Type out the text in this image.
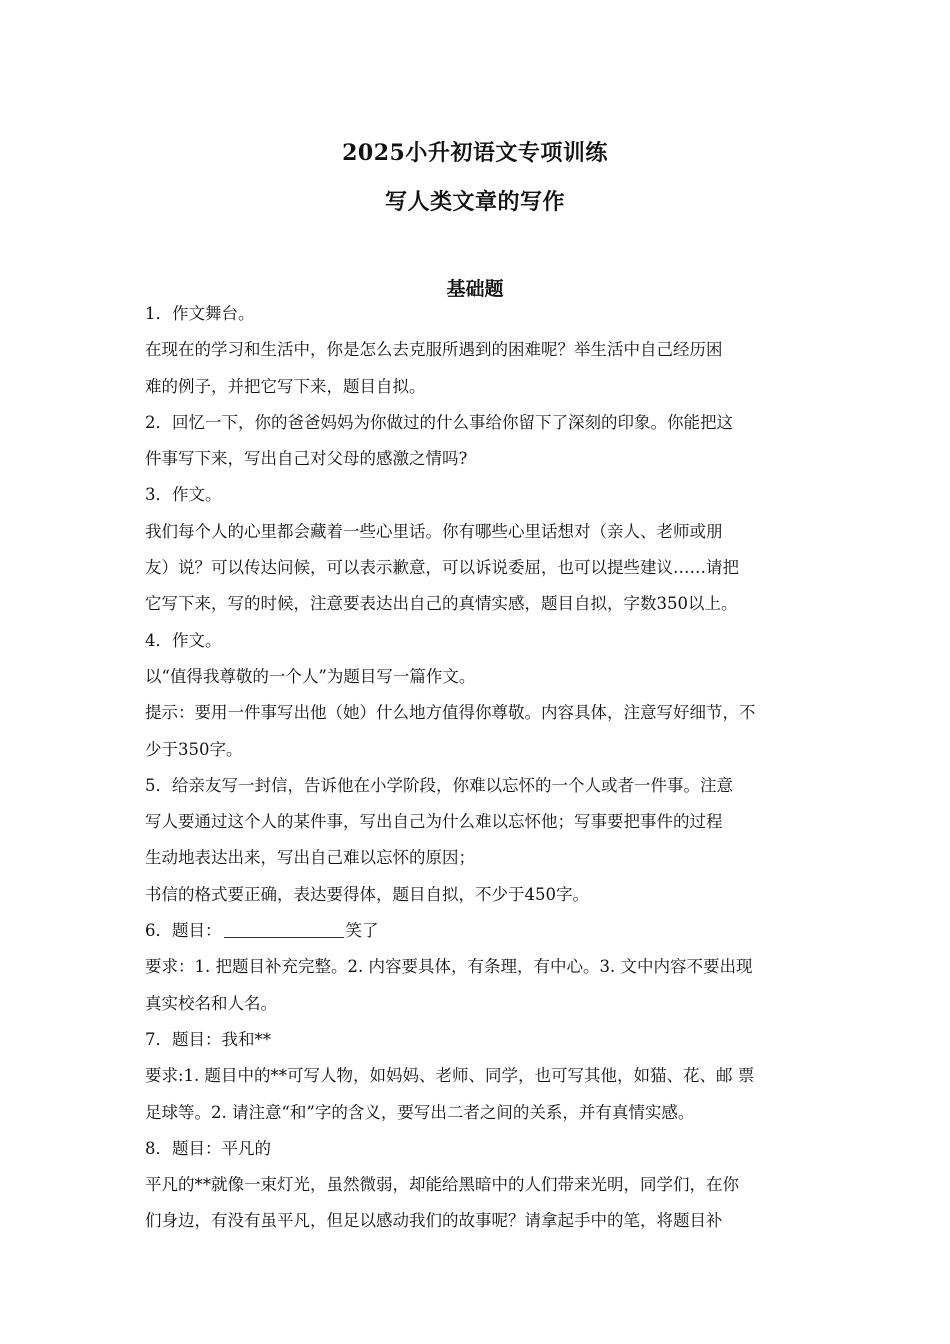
2025小升初语文专项训练
写人类文章的写作
基础题
1．作文舞台。
在现在的学习和生活中，你是怎么去克服所遇到的困难呢？举生活中自己经历困
难的例子，并把它写下来，题目自拟。
2．回忆一下，你的爸爸妈妈为你做过的什么事给你留下了深刻的印象。你能把这
件事写下来，写出自己对父母的感激之情吗?
3．作文。
我们每个人的心里都会藏着一些心里话。你有哪些心里话想对（亲人、老师或朋
友）说？可以传达问候，可以表示歉意，可以诉说委屈，也可以提些建议……请把
它写下来，写的时候，注意要表达出自己的真情实感，题目自拟，字数350以上。
4．作文。
以“值得我尊敬的一个人”为题目写一篇作文。
提示：要用一件事写出他（她）什么地方值得你尊敬。内容具体，注意写好细节，不
少于350字。
5．给亲友写一封信，告诉他在小学阶段，你难以忘怀的一个人或者一件事。注意
写人要通过这个人的某件事，写出自己为什么难以忘怀他；写事要把事件的过程
生动地表达出来，写出自己难以忘怀的原因；
书信的格式要正确，表达要得体，题目自拟，不少于450字。
6．题目：	笑了
要求：1. 把题目补充完整。2. 内容要具体，有条理，有中心。3. 文中内容不要出现
真实校名和人名。
7．题目：我和**
要求:1. 题目中的**可写人物，如妈妈、老师、同学，也可写其他，如猫、花、邮 票
足球等。2. 请注意“和”字的含义，要写出二者之间的关系，并有真情实感。
8．题目：平凡的
平凡的**就像一束灯光，虽然微弱，却能给黑暗中的人们带来光明，同学们，在你
们身边，有没有虽平凡，但足以感动我们的故事呢？请拿起手中的笔，将题目补
